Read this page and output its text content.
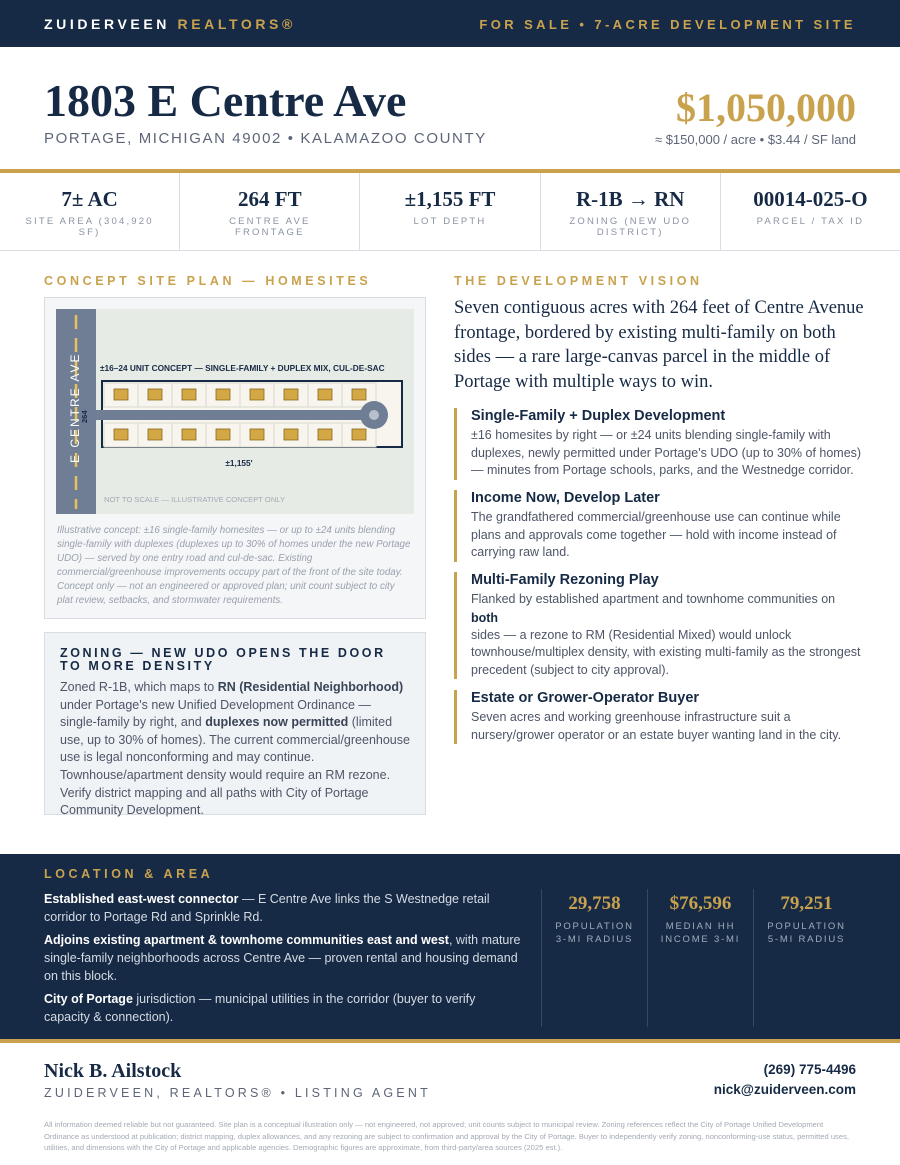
ZUIDERVEEN REALTORS®	FOR SALE • 7-ACRE DEVELOPMENT SITE
1803 E Centre Ave
PORTAGE, MICHIGAN 49002 • KALAMAZOO COUNTY
$1,050,000
≈ $150,000 / acre • $3.44 / SF land
7± AC
SITE AREA (304,920 SF)
264 FT
CENTRE AVE FRONTAGE
±1,155 FT
LOT DEPTH
R-1B → RN
ZONING (NEW UDO DISTRICT)
00014-025-O
PARCEL / TAX ID
CONCEPT SITE PLAN — HOMESITES
E CENTRE AVE
264
±16–24 UNIT CONCEPT — SINGLE-FAMILY + DUPLEX MIX, CUL-DE-SAC
±1,155'
NOT TO SCALE — ILLUSTRATIVE CONCEPT ONLY
Illustrative concept: ±16 single-family homesites — or up to ±24 units blending single-family with duplexes (duplexes up to 30% of homes under the new Portage UDO) — served by one entry road and cul-de-sac. Existing commercial/greenhouse improvements occupy part of the front of the site today. Concept only — not an engineered or approved plan; unit count subject to city plat review, setbacks, and stormwater requirements.
ZONING — NEW UDO OPENS THE DOOR TO MORE DENSITY
Zoned R-1B, which maps to RN (Residential Neighborhood) under Portage's new Unified Development Ordinance — single-family by right, and duplexes now permitted (limited use, up to 30% of homes). The current commercial/greenhouse use is legal nonconforming and may continue. Townhouse/apartment density would require an RM rezone. Verify district mapping and all paths with City of Portage Community Development.
THE DEVELOPMENT VISION
Seven contiguous acres with 264 feet of Centre Avenue frontage, bordered by existing multi-family on both sides — a rare large-canvas parcel in the middle of Portage with multiple ways to win.
Single-Family + Duplex Development
±16 homesites by right — or ±24 units blending single-family with duplexes, newly permitted under Portage's UDO (up to 30% of homes) — minutes from Portage schools, parks, and the Westnedge corridor.
Income Now, Develop Later
The grandfathered commercial/greenhouse use can continue while plans and approvals come together — hold with income instead of carrying raw land.
Multi-Family Rezoning Play
Flanked by established apartment and townhome communities on
both
sides — a rezone to RM (Residential Mixed) would unlock townhouse/multiplex density, with existing multi-family as the strongest precedent (subject to city approval).
Estate or Grower-Operator Buyer
Seven acres and working greenhouse infrastructure suit a nursery/grower operator or an estate buyer wanting land in the city.
LOCATION & AREA
Established east-west connector — E Centre Ave links the S Westnedge retail corridor to Portage Rd and Sprinkle Rd.
Adjoins existing apartment & townhome communities east and west, with mature single-family neighborhoods across Centre Ave — proven rental and housing demand on this block.
City of Portage jurisdiction — municipal utilities in the corridor (buyer to verify capacity & connection).
29,758
POPULATION
3-MI RADIUS
$76,596
MEDIAN HH
INCOME 3-MI
79,251
POPULATION
5-MI RADIUS
Nick B. Ailstock
ZUIDERVEEN, REALTORS® • LISTING AGENT
(269) 775-4496
nick@zuiderveen.com
All information deemed reliable but not guaranteed. Site plan is a conceptual illustration only — not engineered, not approved; unit counts subject to municipal review. Zoning references reflect the City of Portage Unified Development Ordinance as understood at publication; district mapping, duplex allowances, and any rezoning are subject to confirmation and approval by the City of Portage. Buyer to independently verify zoning, nonconforming-use status, permitted uses, utilities, and dimensions with the City of Portage and applicable agencies. Demographic figures are approximate, from third-party/area sources (2025 est.).
